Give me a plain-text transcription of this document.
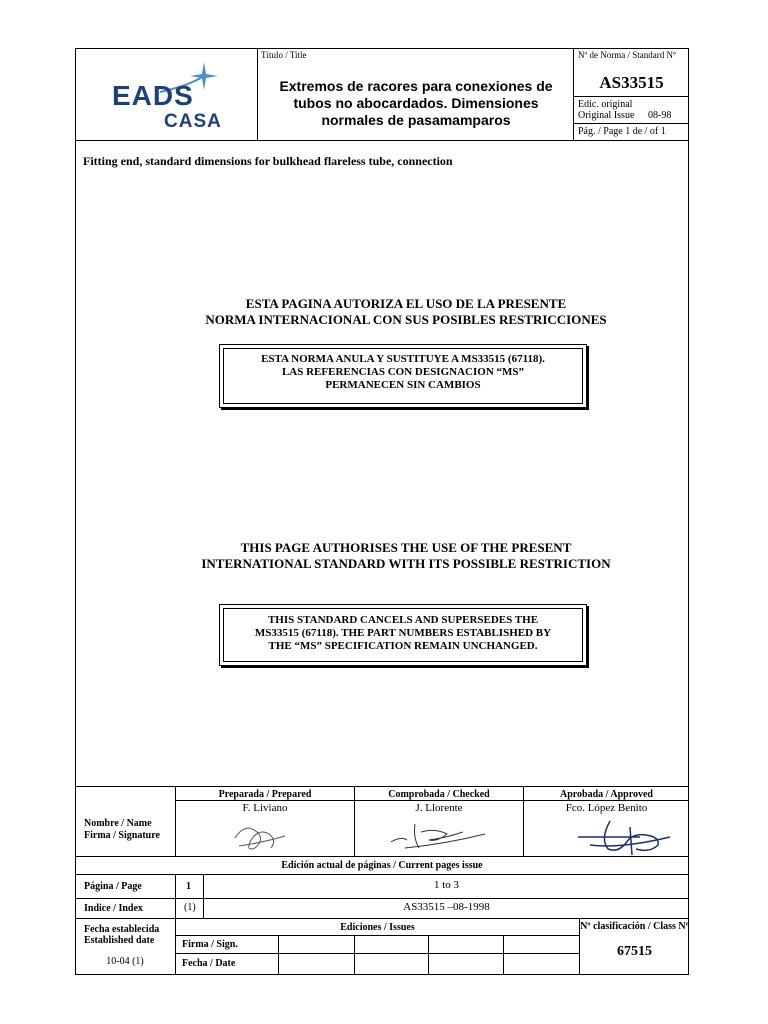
EADS
CASA
Título / Title
Extremos de racores para conexiones de tubos no abocardados. Dimensiones normales de pasamamparos
Nº de Norma / Standard Nº
AS33515
Edic. original
Original Issue 08-98
Pág. / Page 1 de / of 1
Fitting end, standard dimensions for bulkhead flareless tube, connection
ESTA PAGINA AUTORIZA EL USO DE LA PRESENTE
NORMA INTERNACIONAL CON SUS POSIBLES RESTRICCIONES
ESTA NORMA ANULA Y SUSTITUYE A MS33515 (67118).
LAS REFERENCIAS CON DESIGNACION “MS”
PERMANECEN SIN CAMBIOS
THIS PAGE AUTHORISES THE USE OF THE PRESENT
INTERNATIONAL STANDARD WITH ITS POSSIBLE RESTRICTION
THIS STANDARD CANCELS AND SUPERSEDES THE
MS33515 (67118). THE PART NUMBERS ESTABLISHED BY
THE “MS” SPECIFICATION REMAIN UNCHANGED.
Preparada / Prepared	Comprobada / Checked	Aprobada / Approved
Nombre / Name
Firma / Signature
F. Liviano	J. Llorente	Fco. López Benito
Edición actual de páginas / Current pages issue
Página / Page	1	1 to 3
Indice / Index	(1)	AS33515 –08-1998
Fecha establecida
Established date
10-04 (1)
Ediciones / Issues
Firma / Sign.
Fecha / Date
Nº clasificación / Class Nº
67515
